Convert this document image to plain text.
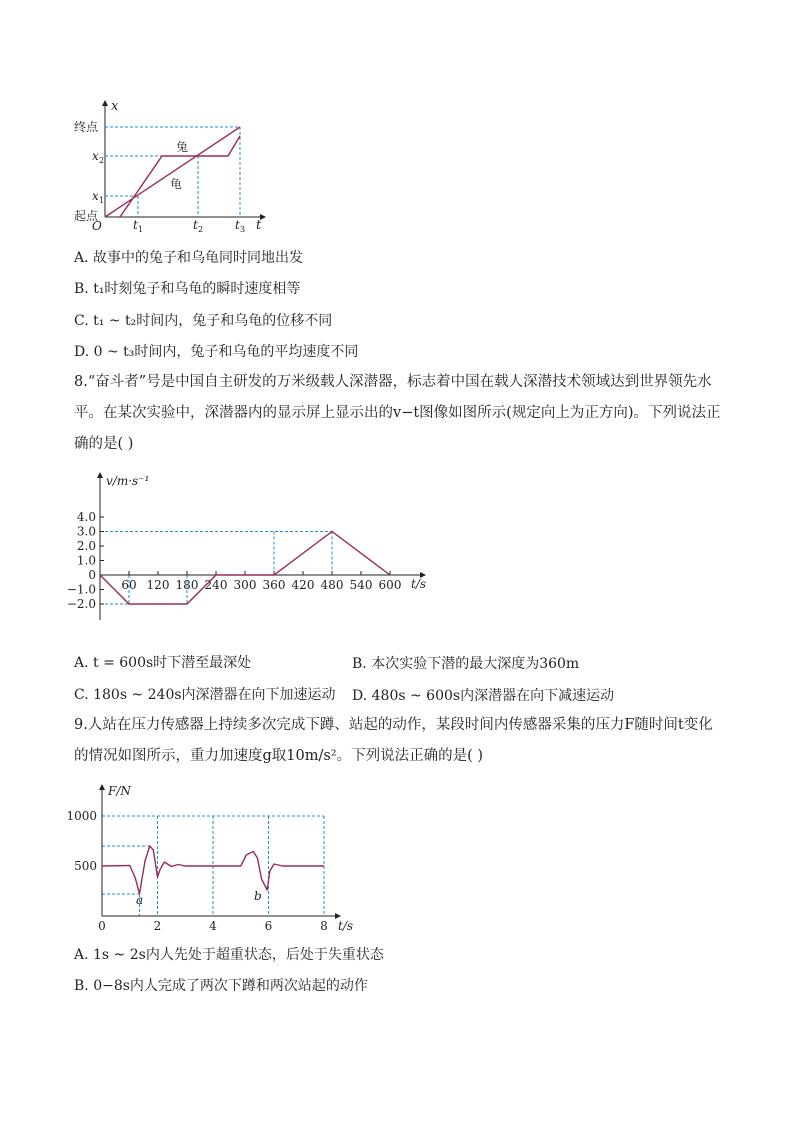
x
t
O
终点
x 2
x 1
起点
t 1	t 2	t 3
兔
龟
A. 故事中的兔子和乌龟同时同地出发
B. t₁时刻兔子和乌龟的瞬时速度相等
C. t₁ ~ t₂时间内，兔子和乌龟的位移不同
D. 0 ~ t₃时间内，兔子和乌龟的平均速度不同
8.“奋斗者”号是中国自主研发的万米级载人深潜器，标志着中国在载人深潜技术领域达到世界领先水平。在某次实验中，深潜器内的显示屏上显示出的v−t图像如图所示(规定向上为正方向)。下列说法正确的是( )
v/m·s⁻¹
t/s
60 120 180 240 300 360 420 480 540 600
4.0
3.0
2.0
1.0
0
−1.0
−2.0
A. t = 600s时下潜至最深处	B. 本次实验下潜的最大深度为360m
C. 180s ~ 240s内深潜器在向下加速运动 D. 480s ~ 600s内深潜器在向下减速运动
9.人站在压力传感器上持续多次完成下蹲、站起的动作，某段时间内传感器采集的压力F随时间t变化的情况如图所示，重力加速度g取10m/s²。下列说法正确的是( )
F/N
t/s
a	b
0	2	4	6	8
1000
500
A. 1s ~ 2s内人先处于超重状态，后处于失重状态
B. 0−8s内人完成了两次下蹲和两次站起的动作
